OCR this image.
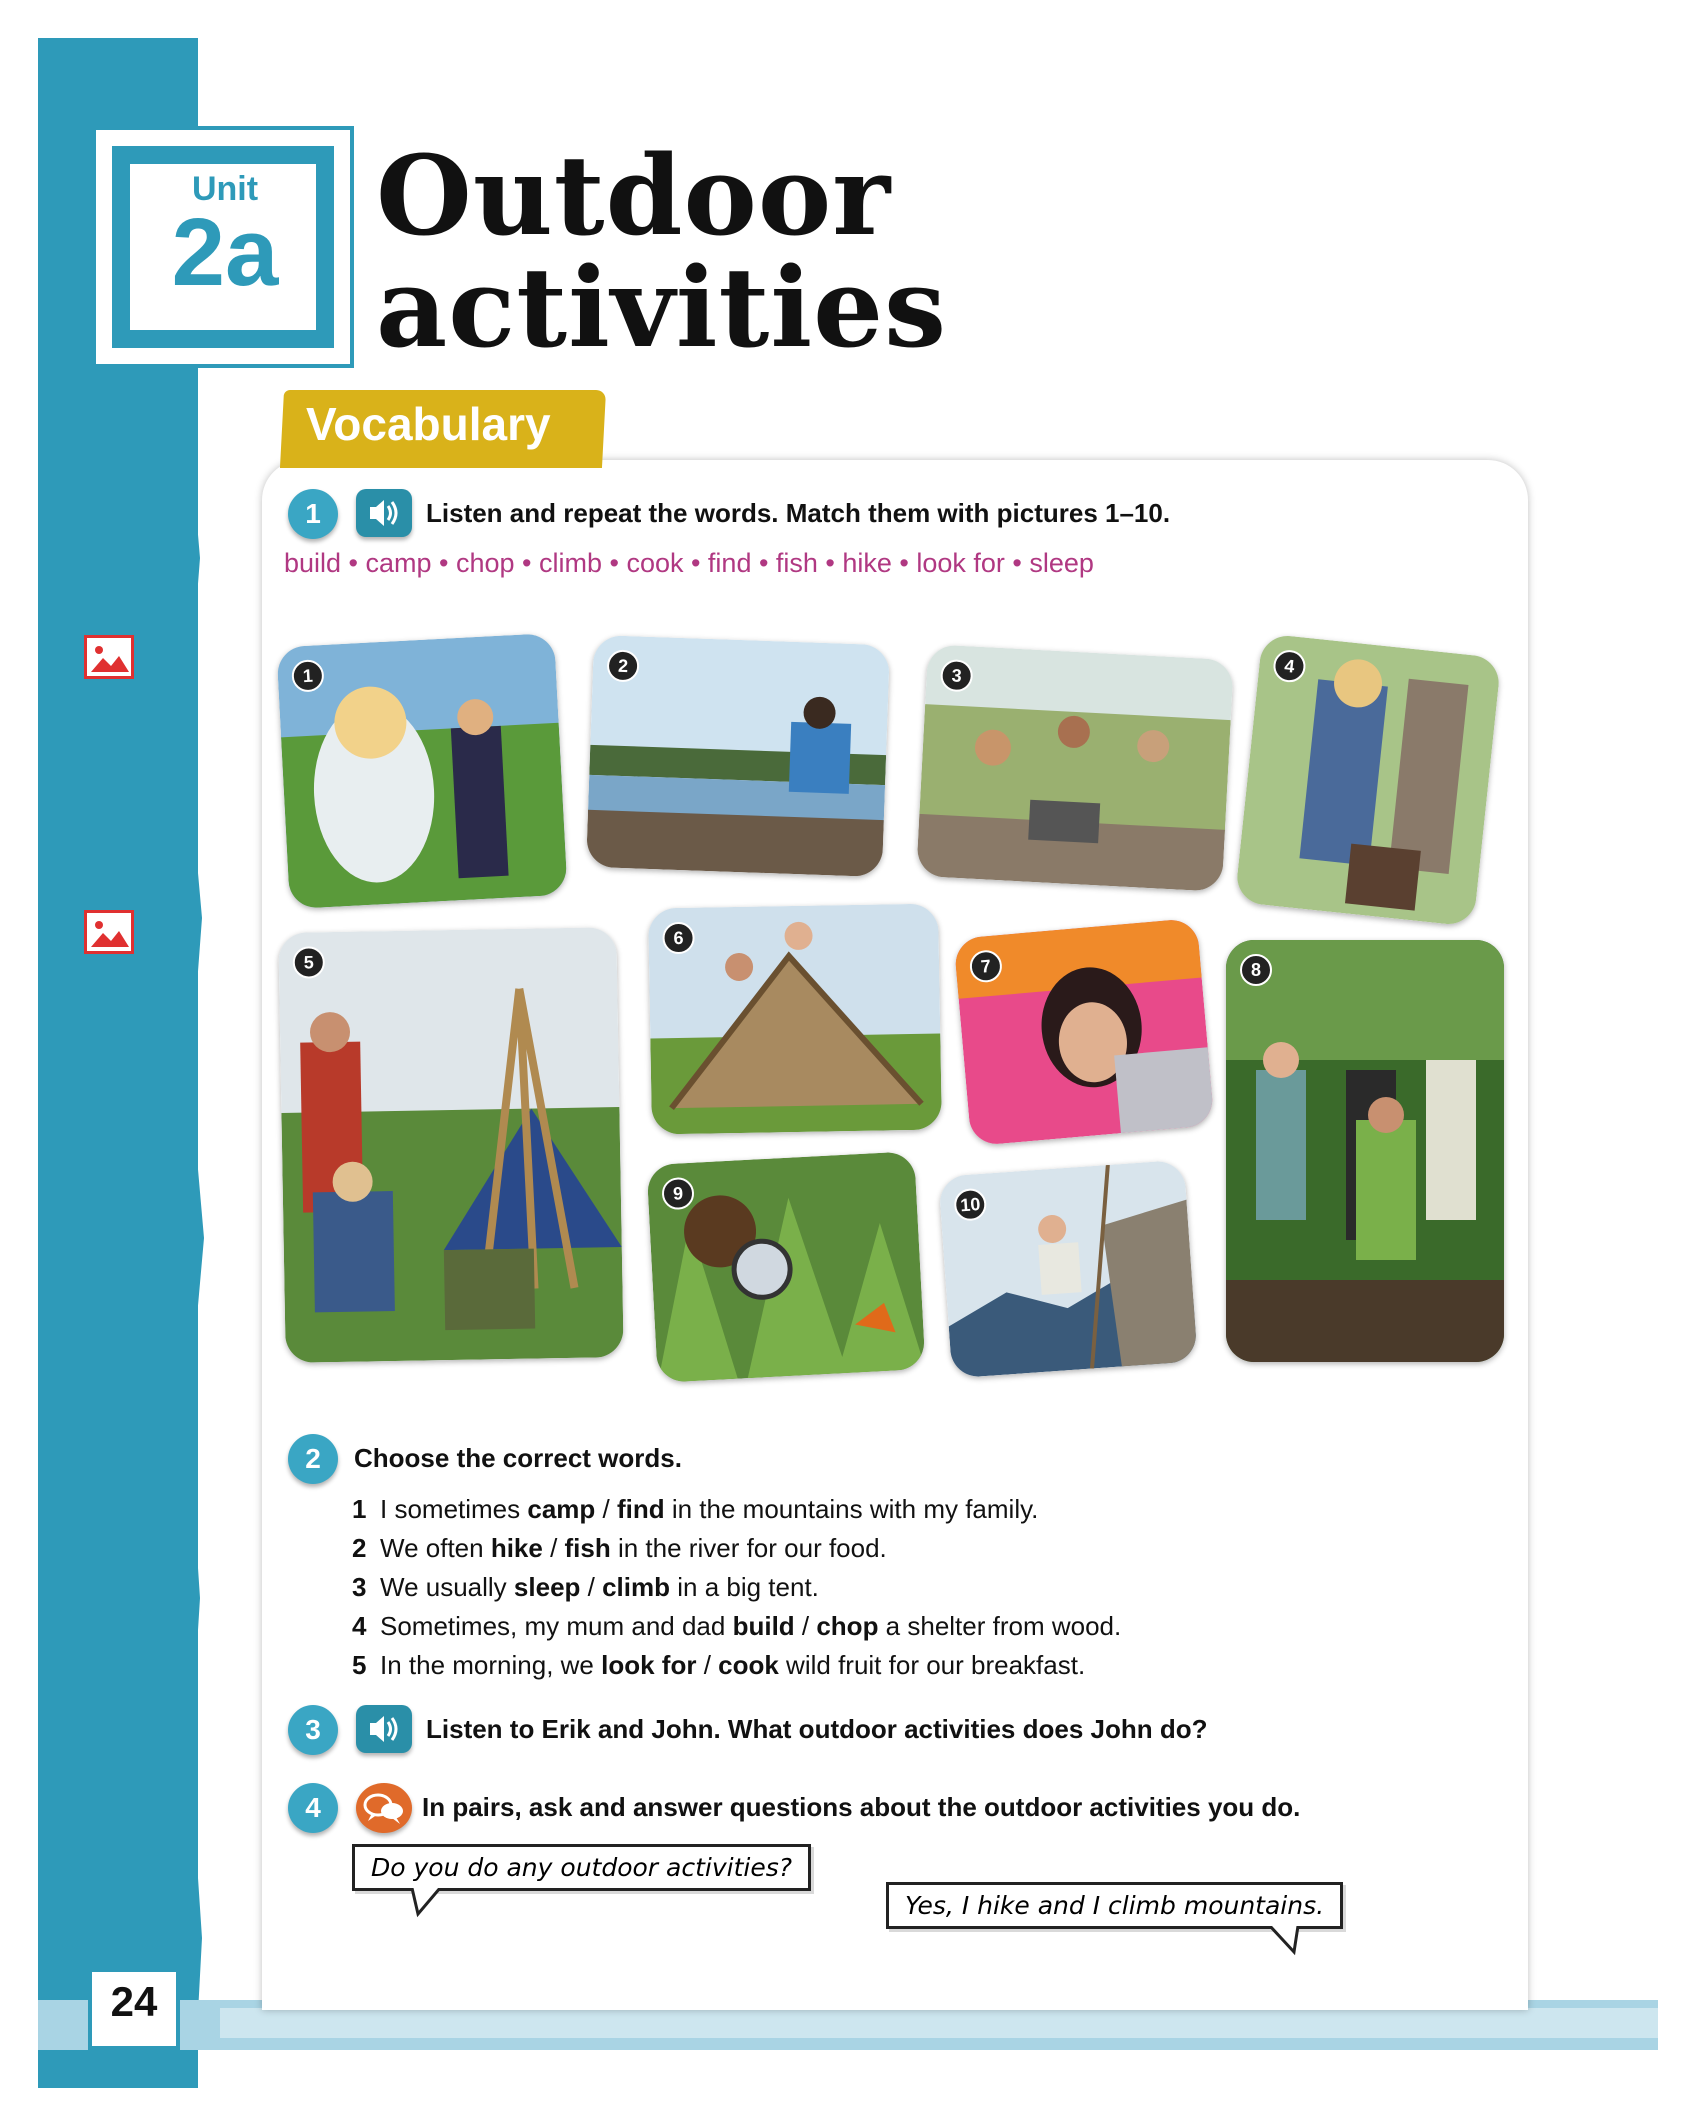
Unit
2a Outdoor
activities
Vocabulary
1	Listen and repeat the words. Match them with pictures 1–10.
build • camp • chop • climb • cook • find • fish • hike • look for • sleep
1	2	3	4
5
6
7	8
9
10
2	Choose the correct words.
1 I sometimes camp / find in the mountains with my family.
2 We often hike / fish in the river for our food.
3 We usually sleep / climb in a big tent.
4 Sometimes, my mum and dad build / chop a shelter from wood.
5 In the morning, we look for / cook wild fruit for our breakfast.
3	Listen to Erik and John. What outdoor activities does John do?
4	In pairs, ask and answer questions about the outdoor activities you do.
Do you do any outdoor activities?
Yes, I hike and I climb mountains.
24
